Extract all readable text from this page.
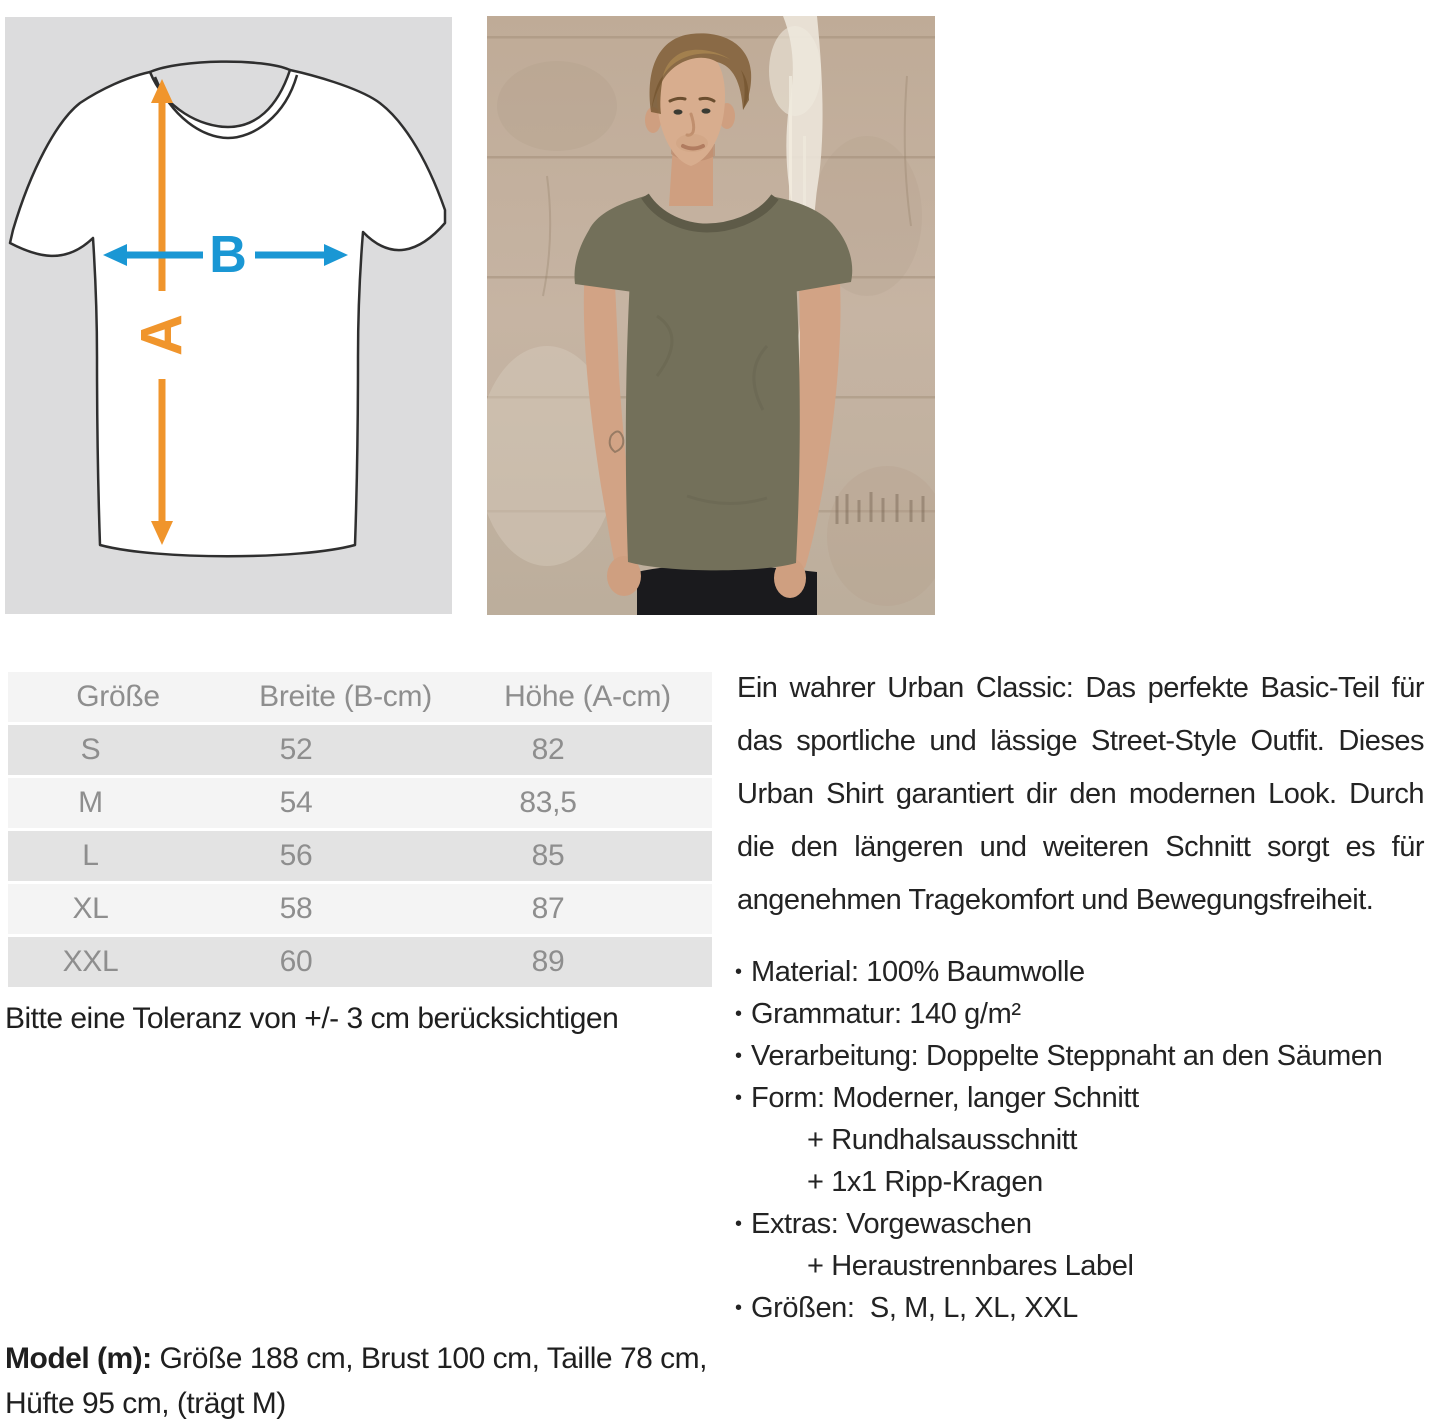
A
B
Größe	Breite (B-cm)	Höhe (A-cm)
S	52	82
M	54	83,5
L	56	85
XL	58	87
XXL	60	89
Bitte eine Toleranz von +/- 3 cm berücksichtigen

Ein wahrer Urban Classic: Das perfekte Basic-Teil für das sportliche und lässige Street-Style Outfit. Dieses Urban Shirt garantiert dir den modernen Look. Durch die den längeren und weiteren Schnitt sorgt es für angenehmen Tragekomfort und Bewegungsfreiheit.

• Material: 100% Baumwolle
• Grammatur: 140 g/m²
• Verarbeitung: Doppelte Steppnaht an den Säumen
• Form: Moderner, langer Schnitt
+ Rundhalsausschnitt
+ 1x1 Ripp-Kragen
• Extras: Vorgewaschen
+ Heraustrennbares Label
• Größen:  S, M, L, XL, XXL
Model (m): Größe 188 cm, Brust 100 cm, Taille 78 cm, Hüfte 95 cm, (trägt M)
